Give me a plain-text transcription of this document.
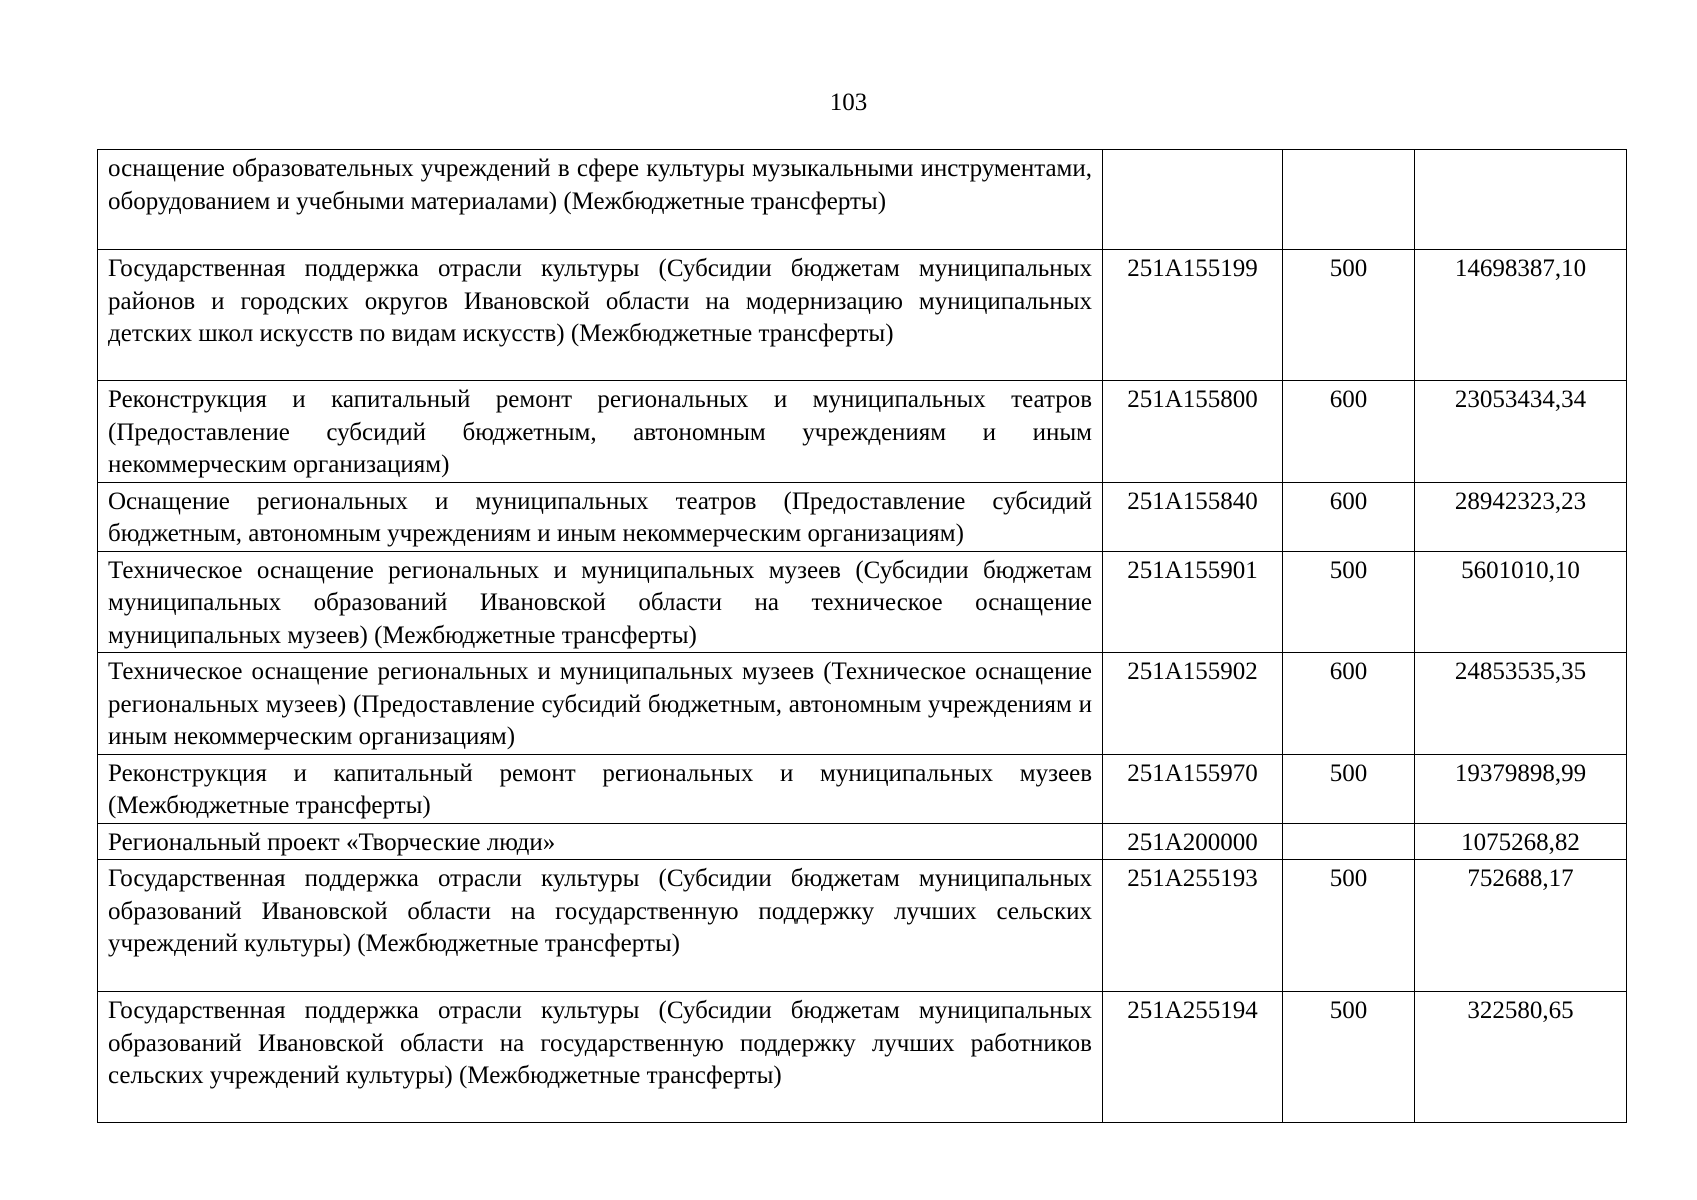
103
оснащение образовательных учреждений в сфере культуры музыкальными инструментами, оборудованием и учебными материалами) (Межбюджетные трансферты)			
Государственная поддержка отрасли культуры (Субсидии бюджетам муниципальных районов и городских округов Ивановской области на модернизацию муниципальных детских школ искусств по видам искусств) (Межбюджетные трансферты)	251А155199	500	14698387,10
Реконструкция и капитальный ремонт региональных и муниципальных театров (Предоставление субсидий бюджетным, автономным учреждениям и иным некоммерческим организациям)	251А155800	600	23053434,34
Оснащение региональных и муниципальных театров (Предоставление субсидий бюджетным, автономным учреждениям и иным некоммерческим организациям)	251А155840	600	28942323,23
Техническое оснащение региональных и муниципальных музеев (Субсидии бюджетам муниципальных образований Ивановской области на техническое оснащение муниципальных музеев) (Межбюджетные трансферты)	251А155901	500	5601010,10
Техническое оснащение региональных и муниципальных музеев (Техническое оснащение региональных музеев) (Предоставление субсидий бюджетным, автономным учреждениям и иным некоммерческим организациям)	251А155902	600	24853535,35
Реконструкция и капитальный ремонт региональных и муниципальных музеев (Межбюджетные трансферты)	251А155970	500	19379898,99
Региональный проект «Творческие люди»	251А200000		1075268,82
Государственная поддержка отрасли культуры (Субсидии бюджетам муниципальных образований Ивановской области на государственную поддержку лучших сельских учреждений культуры) (Межбюджетные трансферты)	251А255193	500	752688,17
Государственная поддержка отрасли культуры (Субсидии бюджетам муниципальных образований Ивановской области на государственную поддержку лучших работников сельских учреждений культуры) (Межбюджетные трансферты)	251А255194	500	322580,65
